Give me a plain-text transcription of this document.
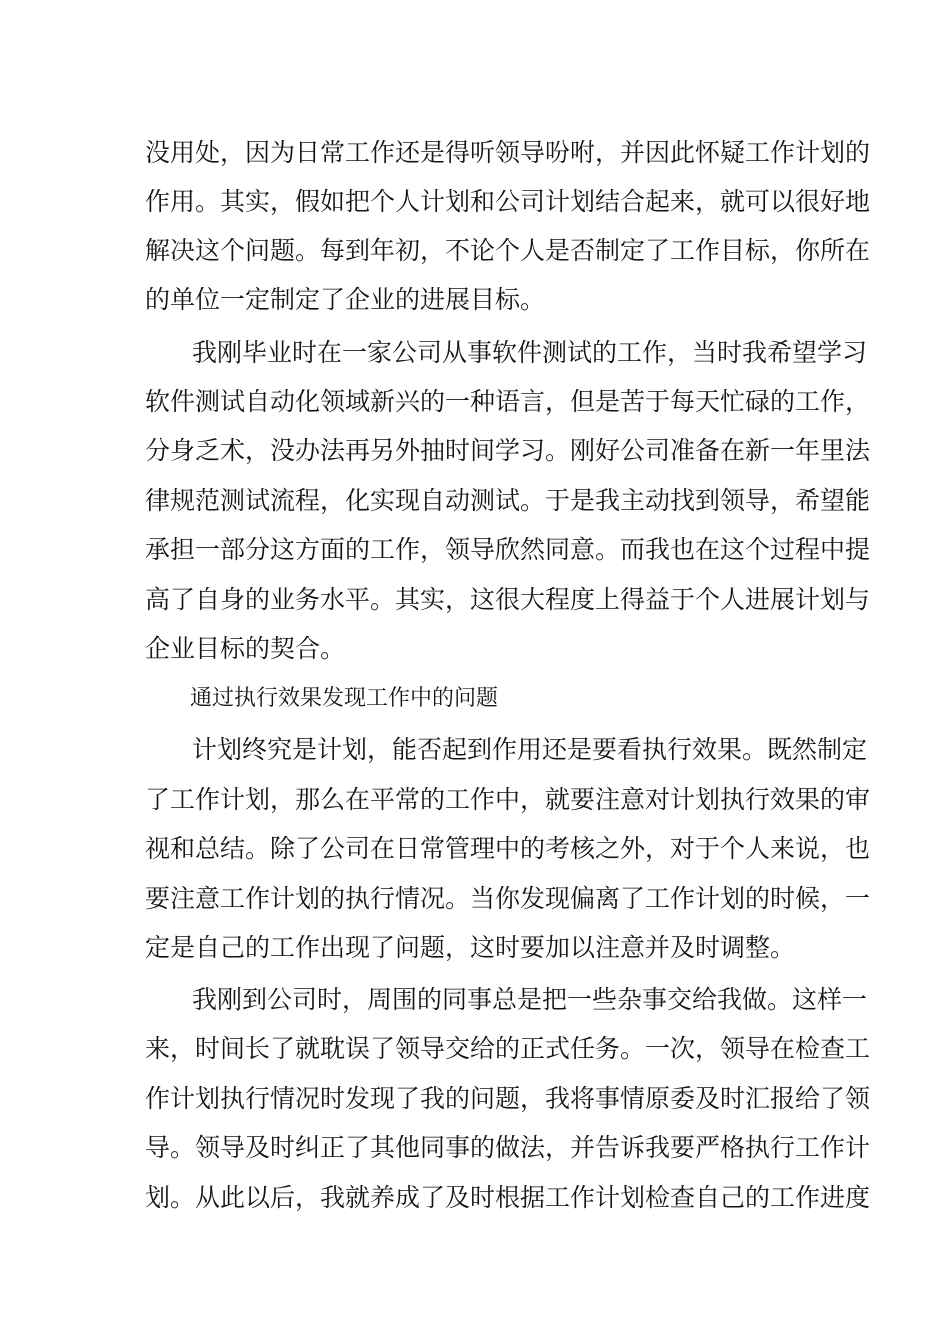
没用处，因为日常工作还是得听领导吩咐，并因此怀疑工作计划的
作用。其实，假如把个人计划和公司计划结合起来，就可以很好地
解决这个问题。每到年初，不论个人是否制定了工作目标，你所在
的单位一定制定了企业的进展目标。
我刚毕业时在一家公司从事软件测试的工作，当时我希望学习
软件测试自动化领域新兴的一种语言，但是苦于每天忙碌的工作，
分身乏术，没办法再另外抽时间学习。刚好公司准备在新一年里法
律规范测试流程，化实现自动测试。于是我主动找到领导，希望能
承担一部分这方面的工作，领导欣然同意。而我也在这个过程中提
高了自身的业务水平。其实，这很大程度上得益于个人进展计划与
企业目标的契合。
通过执行效果发现工作中的问题
计划终究是计划，能否起到作用还是要看执行效果。既然制定
了工作计划，那么在平常的工作中，就要注意对计划执行效果的审
视和总结。除了公司在日常管理中的考核之外，对于个人来说，也
要注意工作计划的执行情况。当你发现偏离了工作计划的时候，一
定是自己的工作出现了问题，这时要加以注意并及时调整。
我刚到公司时，周围的同事总是把一些杂事交给我做。这样一
来，时间长了就耽误了领导交给的正式任务。一次，领导在检查工
作计划执行情况时发现了我的问题，我将事情原委及时汇报给了领
导。领导及时纠正了其他同事的做法，并告诉我要严格执行工作计
划。从此以后，我就养成了及时根据工作计划检查自己的工作进度
